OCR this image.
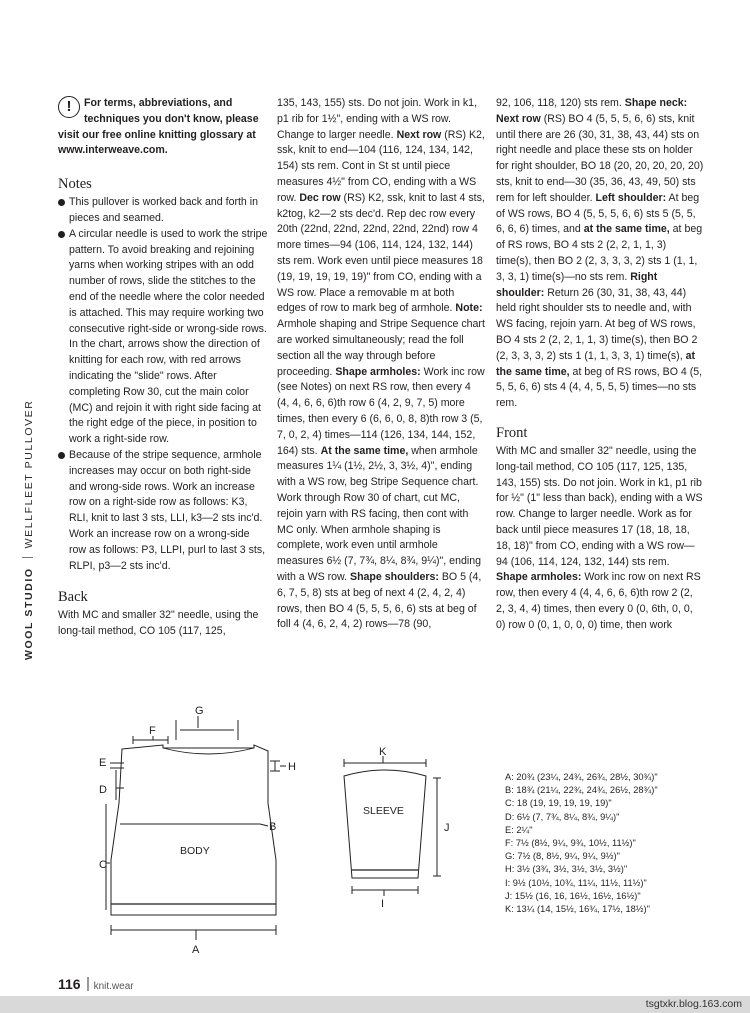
WOOL STUDIOWELLFLEET PULLOVER
!	For terms, abbreviations, and techniques you don't know, please visit our free online knitting glossary at www.interweave.com.
Notes

This pullover is worked back and forth in pieces and seamed.

A circular needle is used to work the stripe pattern. To avoid breaking and rejoining yarns when working stripes with an odd number of rows, slide the stitches to the end of the needle where the color needed is attached. This may require working two consecutive right-side or wrong-side rows. In the chart, arrows show the direction of knitting for each row, with red arrows indicating the "slide" rows. After completing Row 30, cut the main color (MC) and rejoin it with right side facing at the right edge of the piece, in position to work a right-side row.

Because of the stripe sequence, armhole increases may occur on both right-side and wrong-side rows. Work an increase row on a right-side row as follows: K3, RLI, knit to last 3 sts, LLI, k3—2 sts inc'd. Work an increase row on a wrong-side row as follows: P3, LLPI, purl to last 3 sts, RLPI, p3—2 sts inc'd.

Back

With MC and smaller 32" needle, using the long-tail method, CO 105 (117, 125,

135, 143, 155) sts. Do not join. Work in k1, p1 rib for 1½", ending with a WS row. Change to larger needle. Next row (RS) K2, ssk, knit to end—104 (116, 124, 134, 142, 154) sts rem. Cont in St st until piece measures 4½" from CO, ending with a WS row. Dec row (RS) K2, ssk, knit to last 4 sts, k2tog, k2—2 sts dec'd. Rep dec row every 20th (22nd, 22nd, 22nd, 22nd, 22nd) row 4 more times—94 (106, 114, 124, 132, 144) sts rem. Work even until piece measures 18 (19, 19, 19, 19, 19)" from CO, ending with a WS row. Place a removable m at both edges of row to mark beg of armhole. Note: Armhole shaping and Stripe Sequence chart are worked simultaneously; read the foll section all the way through before proceeding. Shape armholes: Work inc row (see Notes) on next RS row, then every 4 (4, 4, 6, 6, 6)th row 6 (4, 2, 9, 7, 5) more times, then every 6 (6, 6, 0, 8, 8)th row 3 (5, 7, 0, 2, 4) times—114 (126, 134, 144, 152, 164) sts. At the same time, when armhole measures 1¼ (1½, 2½, 3, 3½, 4)", ending with a WS row, beg Stripe Sequence chart. Work through Row 30 of chart, cut MC, rejoin yarn with RS facing, then cont with MC only. When armhole shaping is complete, work even until armhole measures 6½ (7, 7¾, 8¼, 8¾, 9¼)", ending with a WS row. Shape shoulders: BO 5 (4, 6, 7, 5, 8) sts at beg of next 4 (2, 4, 2, 4) rows, then BO 4 (5, 5, 5, 6, 6) sts at beg of foll 4 (4, 6, 2, 4, 2) rows—78 (90,

92, 106, 118, 120) sts rem. Shape neck: Next row (RS) BO 4 (5, 5, 5, 6, 6) sts, knit until there are 26 (30, 31, 38, 43, 44) sts on right needle and place these sts on holder for right shoulder, BO 18 (20, 20, 20, 20, 20) sts, knit to end—30 (35, 36, 43, 49, 50) sts rem for left shoulder. Left shoulder: At beg of WS rows, BO 4 (5, 5, 5, 6, 6) sts 5 (5, 5, 6, 6, 6) times, and at the same time, at beg of RS rows, BO 4 sts 2 (2, 2, 1, 1, 3) time(s), then BO 2 (2, 3, 3, 3, 2) sts 1 (1, 1, 3, 3, 1) time(s)—no sts rem. Right shoulder: Return 26 (30, 31, 38, 43, 44) held right shoulder sts to needle and, with WS facing, rejoin yarn. At beg of WS rows, BO 4 sts 2 (2, 2, 1, 1, 3) time(s), then BO 2 (2, 3, 3, 3, 2) sts 1 (1, 1, 3, 3, 1) time(s), at the same time, at beg of RS rows, BO 4 (5, 5, 5, 6, 6) sts 4 (4, 4, 5, 5, 5) times—no sts rem.

Front

With MC and smaller 32" needle, using the long-tail method, CO 105 (117, 125, 135, 143, 155) sts. Do not join. Work in k1, p1 rib for ½" (1" less than back), ending with a WS row. Change to larger needle. Work as for back until piece measures 17 (18, 18, 18, 18, 18)" from CO, ending with a WS row—94 (106, 114, 124, 132, 144) sts rem. Shape armholes: Work inc row on next RS row, then every 4 (4, 4, 6, 6, 6)th row 2 (2, 2, 3, 4, 4) times, then every 0 (0, 6th, 0, 0, 0) row 0 (0, 1, 0, 0, 0) time, then work

G
F
E
D
C
B
H
A
BODY
K
J
I
SLEEVE
A: 20¾ (23¼, 24¾, 26¾, 28½, 30¾)"
B: 18¾ (21¼, 22¾, 24¾, 26½, 28¾)"
C: 18 (19, 19, 19, 19, 19)"
D: 6½ (7, 7¾, 8¼, 8¾, 9¼)"
E: 2¼"
F: 7½ (8½, 9¼, 9¾, 10½, 11½)"
G: 7½ (8, 8½, 9¼, 9¼, 9½)"
H: 3½ (3¾, 3½, 3½, 3½, 3½)"
I: 9½ (10½, 10¾, 11¼, 11½, 11½)"
J: 15½ (16, 16, 16½, 16½, 16½)"
K: 13¼ (14, 15½, 16¾, 17½, 18½)"
116 knit.wear
tsgtxkr.blog.163.com
